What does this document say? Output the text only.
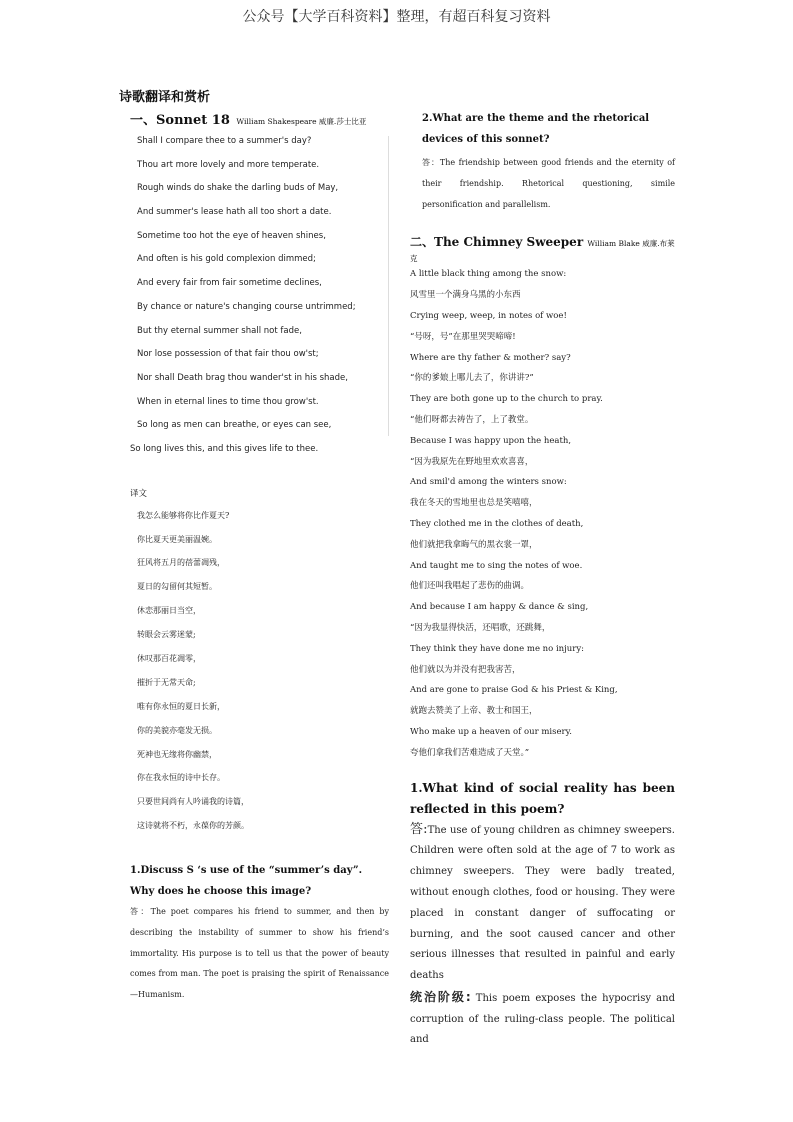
公众号【大学百科资料】整理，有超百科复习资料
诗歌翻译和赏析
一、Sonnet 18 William Shakespeare 威廉.莎士比亚
Shall I compare thee to a summer's day?
Thou art more lovely and more temperate.
Rough winds do shake the darling buds of May,
And summer's lease hath all too short a date.
Sometime too hot the eye of heaven shines,
And often is his gold complexion dimmed;
And every fair from fair sometime declines,
By chance or nature's changing course untrimmed;
But thy eternal summer shall not fade,
Nor lose possession of that fair thou ow'st;
Nor shall Death brag thou wander'st in his shade,
When in eternal lines to time thou grow'st.
So long as men can breathe, or eyes can see,
So long lives this, and this gives life to thee.
译文
我怎么能够将你比作夏天?
你比夏天更美丽温婉。
狂风将五月的蓓蕾凋残，
夏日的勾留何其短暂。
休恋那丽日当空，
转眼会云雾迷蒙;
休叹那百花凋零，
摧折于无常天命;
唯有你永恒的夏日长新，
你的美貌亦毫发无损。
死神也无缘将你幽禁，
你在我永恒的诗中长存。
只要世间尚有人吟诵我的诗篇，
这诗就将不朽，永葆你的芳颜。
1.Discuss S ‘s use of the “summer’s day”. Why does he choose this image?
答：The poet compares his friend to summer, and then by describing the instability of summer to show his friend’s immortality. His purpose is to tell us that the power of beauty comes from man. The poet is praising the spirit of Renaissance—Humanism.
2.What are the theme and the rhetorical devices of this sonnet?
答：The friendship between good friends and the eternity of their friendship. Rhetorical questioning, simile personification and parallelism.
二、The Chimney Sweeper William Blake 威廉.布莱克
A little black thing among the snow:
风雪里一个满身乌黑的小东西
Crying weep, weep, in notes of woe!
“号呀，号”在那里哭哭啼啼!
Where are thy father & mother? say?
“你的爹娘上哪儿去了，你讲讲?”
They are both gone up to the church to pray.
“他们呀都去祷告了，上了教堂。
Because I was happy upon the heath,
“因为我原先在野地里欢欢喜喜，
And smil'd among the winters snow:
我在冬天的雪地里也总是笑嘻嘻，
They clothed me in the clothes of death,
他们就把我拿晦气的黑衣裳一罩，
And taught me to sing the notes of woe.
他们还叫我唱起了悲伤的曲调。
And because I am happy & dance & sing,
“因为我显得快活，还唱歌，还跳舞，
They think they have done me no injury:
他们就以为并没有把我害苦，
And are gone to praise God & his Priest & King,
就跑去赞美了上帝、教士和国王，
Who make up a heaven of our misery.
夸他们拿我们苦难造成了天堂。”
1.What kind of social reality has been reflected in this poem?
答:The use of young children as chimney sweepers. Children were often sold at the age of 7 to work as chimney sweepers. They were badly treated, without enough clothes, food or housing. They were placed in constant danger of suffocating or burning, and the soot caused cancer and other serious illnesses that resulted in painful and early deaths
统治阶级: This poem exposes the hypocrisy and corruption of the ruling-class people. The political and
